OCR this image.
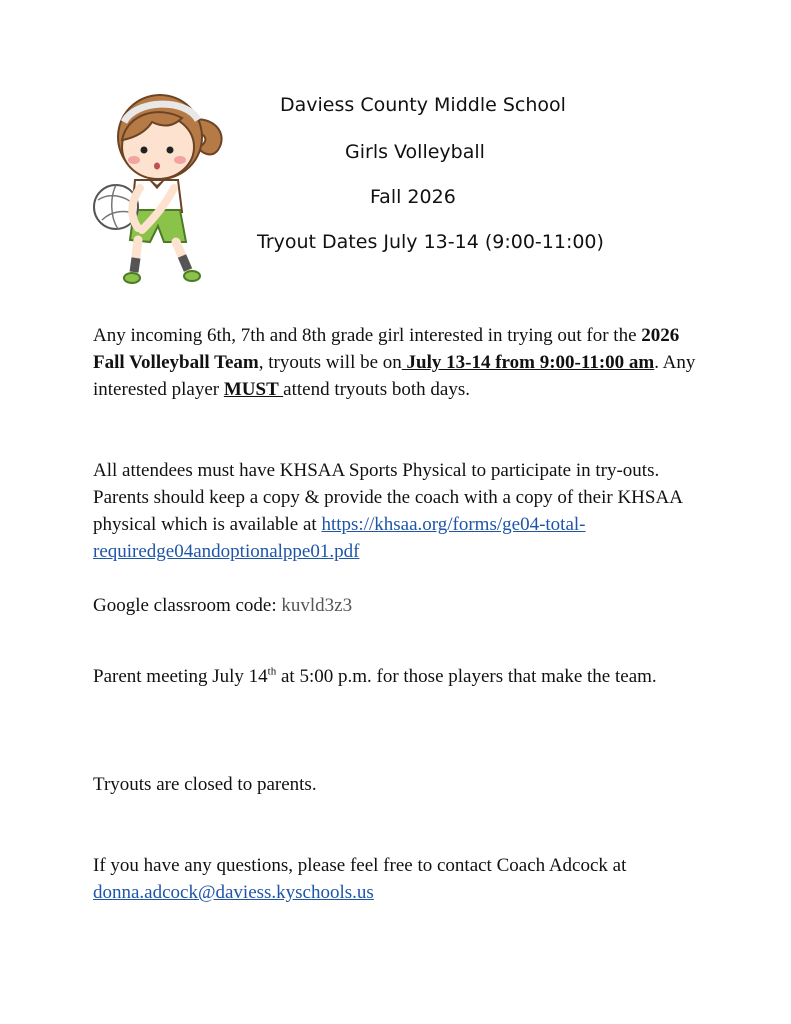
Daviess County Middle School
Girls Volleyball
Fall 2026
Tryout Dates July 13-14 (9:00-11:00)
Any incoming 6th, 7th and 8th grade girl interested in trying out for the 2026 Fall Volleyball Team, tryouts will be on July 13-14 from 9:00-11:00 am. Any interested player MUST attend tryouts both days.
All attendees must have KHSAA Sports Physical to participate in try-outs. Parents should keep a copy & provide the coach with a copy of their KHSAA physical which is available at https://khsaa.org/forms/ge04-total-requiredge04andoptionalppe01.pdf
Google classroom code: kuvld3z3
Parent meeting July 14th at 5:00 p.m. for those players that make the team.
Tryouts are closed to parents.
If you have any questions, please feel free to contact Coach Adcock at donna.adcock@daviess.kyschools.us
